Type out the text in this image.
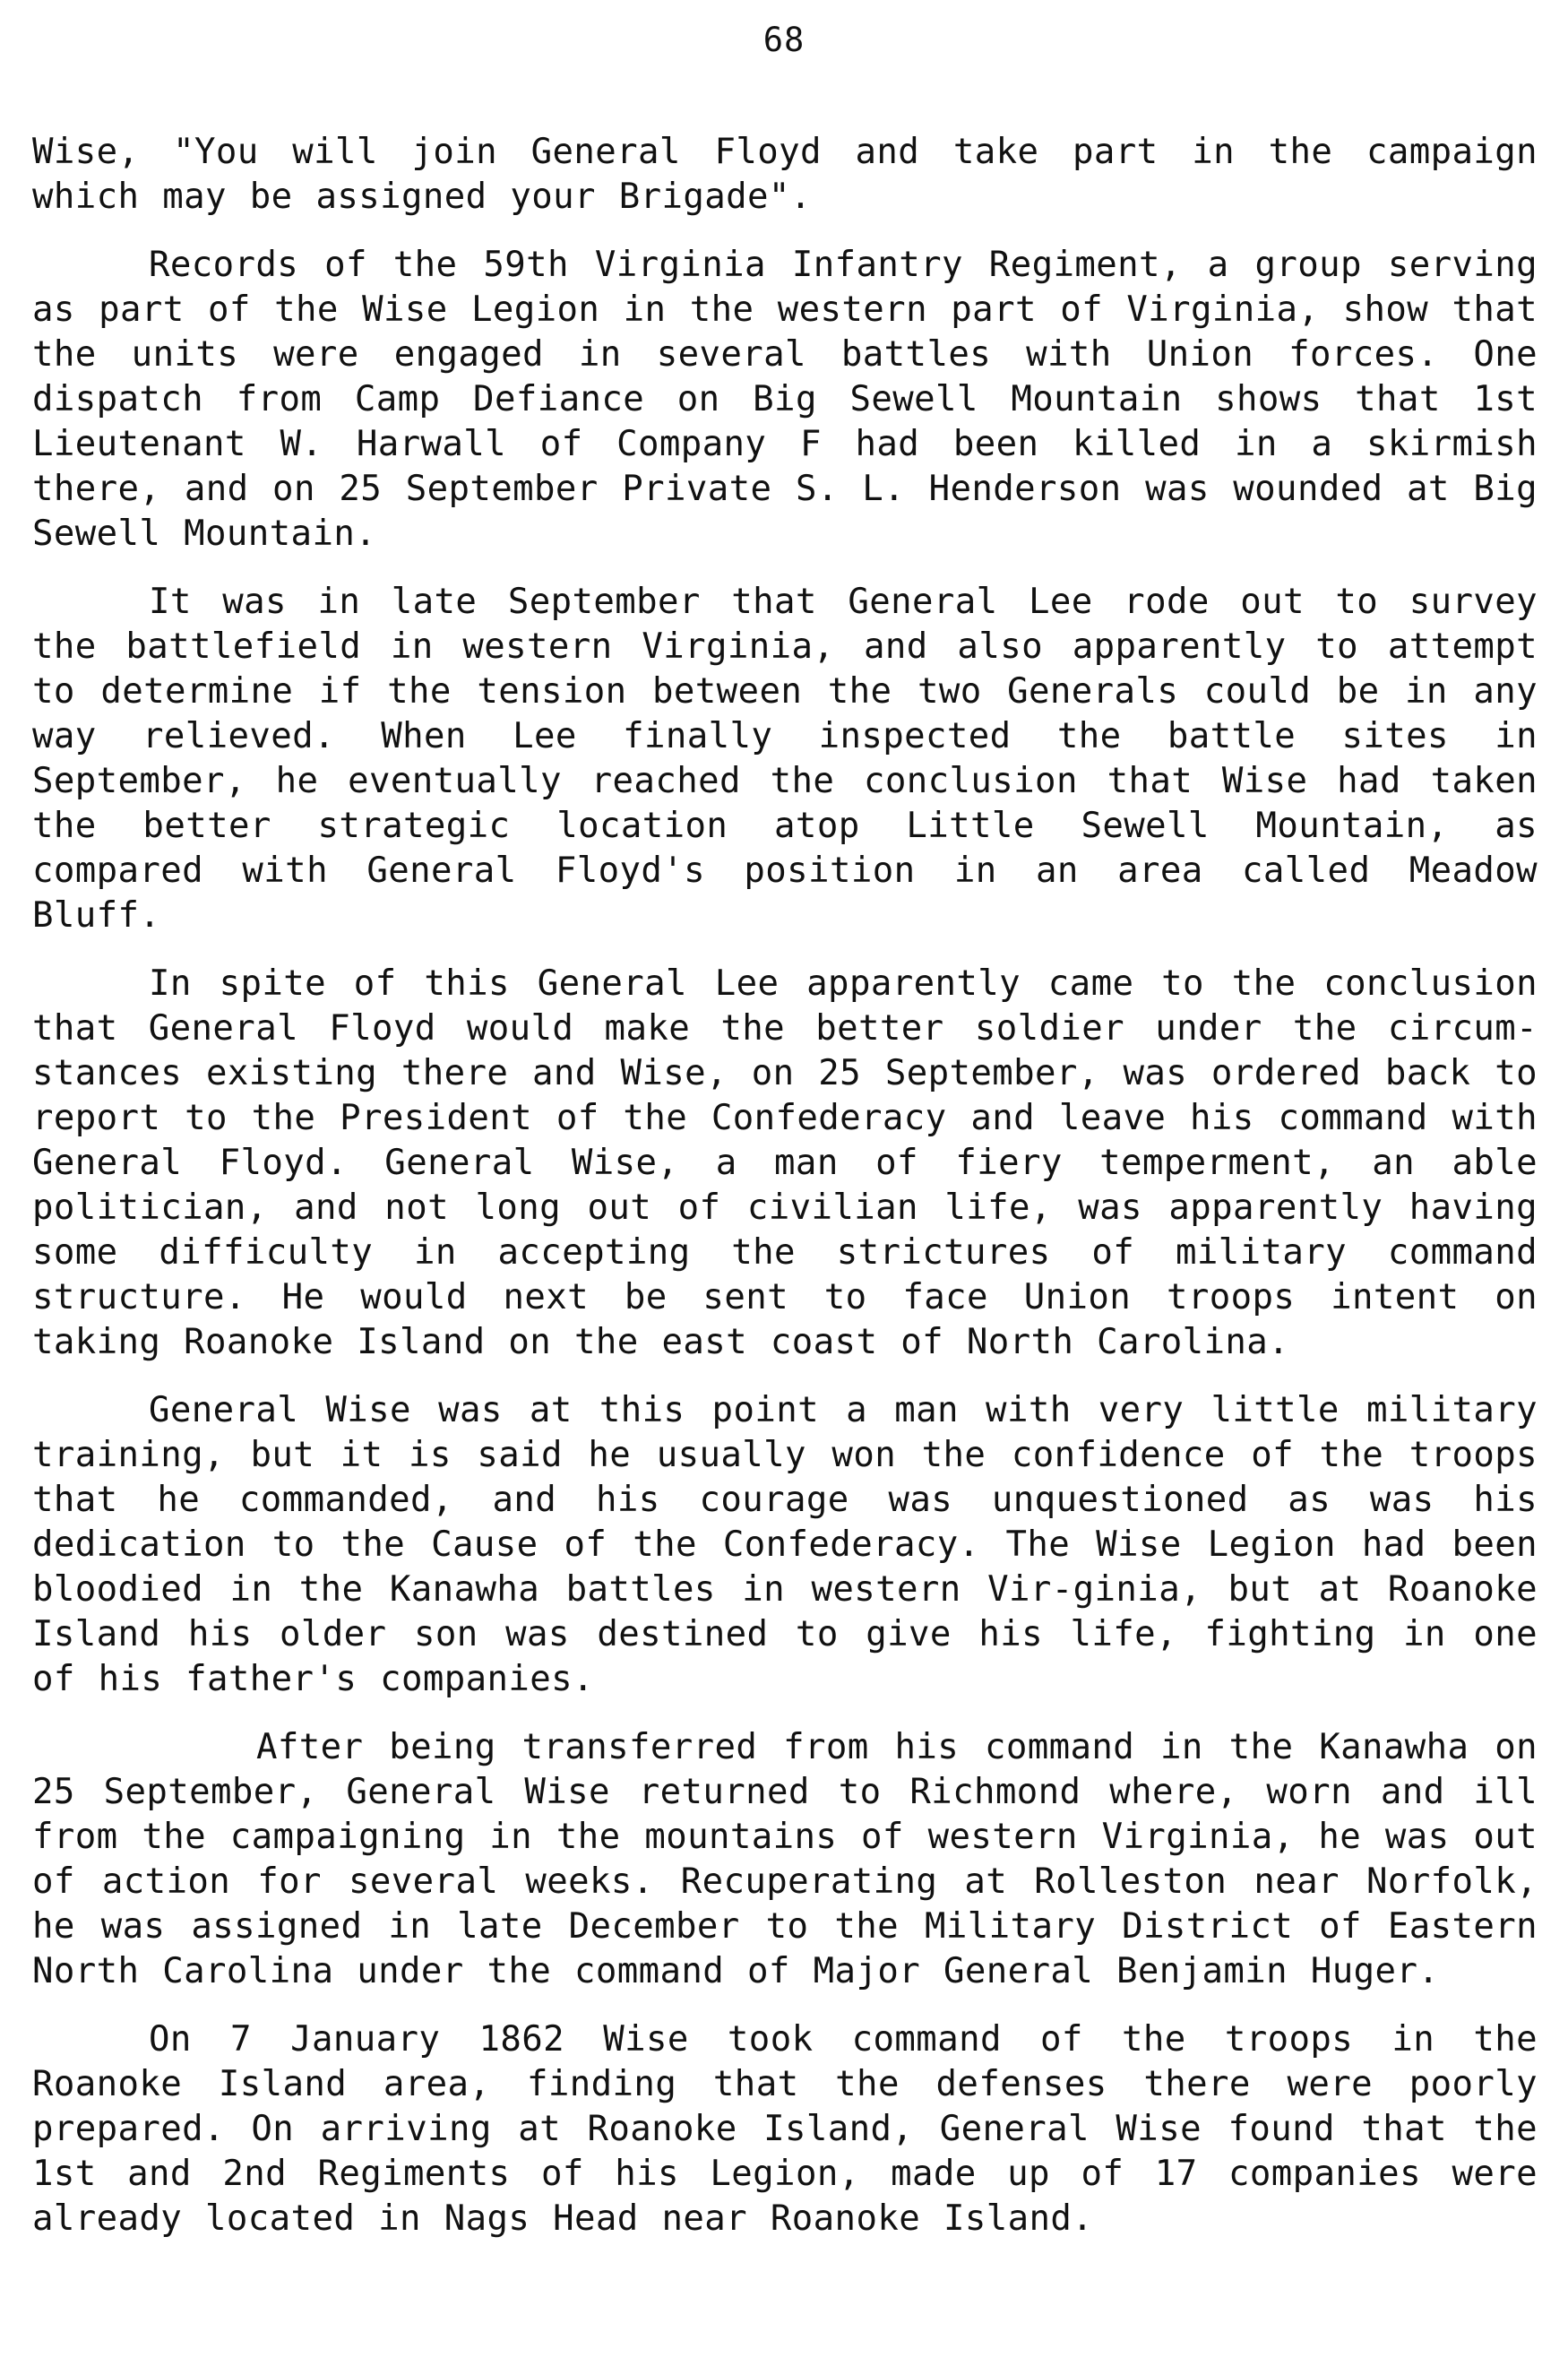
68

Wise, "You will join General Floyd and take part in the campaign which may be assigned your Brigade".

Records of the 59th Virginia Infantry Regiment, a group serving as part of the Wise Legion in the western part of Virginia, show that the units were engaged in several battles with Union forces. One dispatch from Camp Defiance on Big Sewell Mountain shows that 1st Lieutenant W. Harwall of Company F had been killed in a skirmish there, and on 25 September Private S. L. Henderson was wounded at Big Sewell Mountain.

It was in late September that General Lee rode out to survey the battlefield in western Virginia, and also apparently to attempt to determine if the tension between the two Generals could be in any way relieved. When Lee finally inspected the battle sites in September, he eventually reached the conclusion that Wise had taken the better strategic location atop Little Sewell Mountain, as compared with General Floyd's position in an area called Meadow Bluff.

In spite of this General Lee apparently came to the conclusion that General Floyd would make the better soldier under the circum-stances existing there and Wise, on 25 September, was ordered back to report to the President of the Confederacy and leave his command with General Floyd. General Wise, a man of fiery temperment, an able politician, and not long out of civilian life, was apparently having some difficulty in accepting the strictures of military command structure. He would next be sent to face Union troops intent on taking Roanoke Island on the east coast of North Carolina.

General Wise was at this point a man with very little military training, but it is said he usually won the confidence of the troops that he commanded, and his courage was unquestioned as was his dedication to the Cause of the Confederacy. The Wise Legion had been bloodied in the Kanawha battles in western Vir-ginia, but at Roanoke Island his older son was destined to give his life, fighting in one of his father's companies.

After being transferred from his command in the Kanawha on 25 September, General Wise returned to Richmond where, worn and ill from the campaigning in the mountains of western Virginia, he was out of action for several weeks. Recuperating at Rolleston near Norfolk, he was assigned in late December to the Military District of Eastern North Carolina under the command of Major General Benjamin Huger.

On 7 January 1862 Wise took command of the troops in the Roanoke Island area, finding that the defenses there were poorly prepared. On arriving at Roanoke Island, General Wise found that the 1st and 2nd Regiments of his Legion, made up of 17 companies were already located in Nags Head near Roanoke Island.
